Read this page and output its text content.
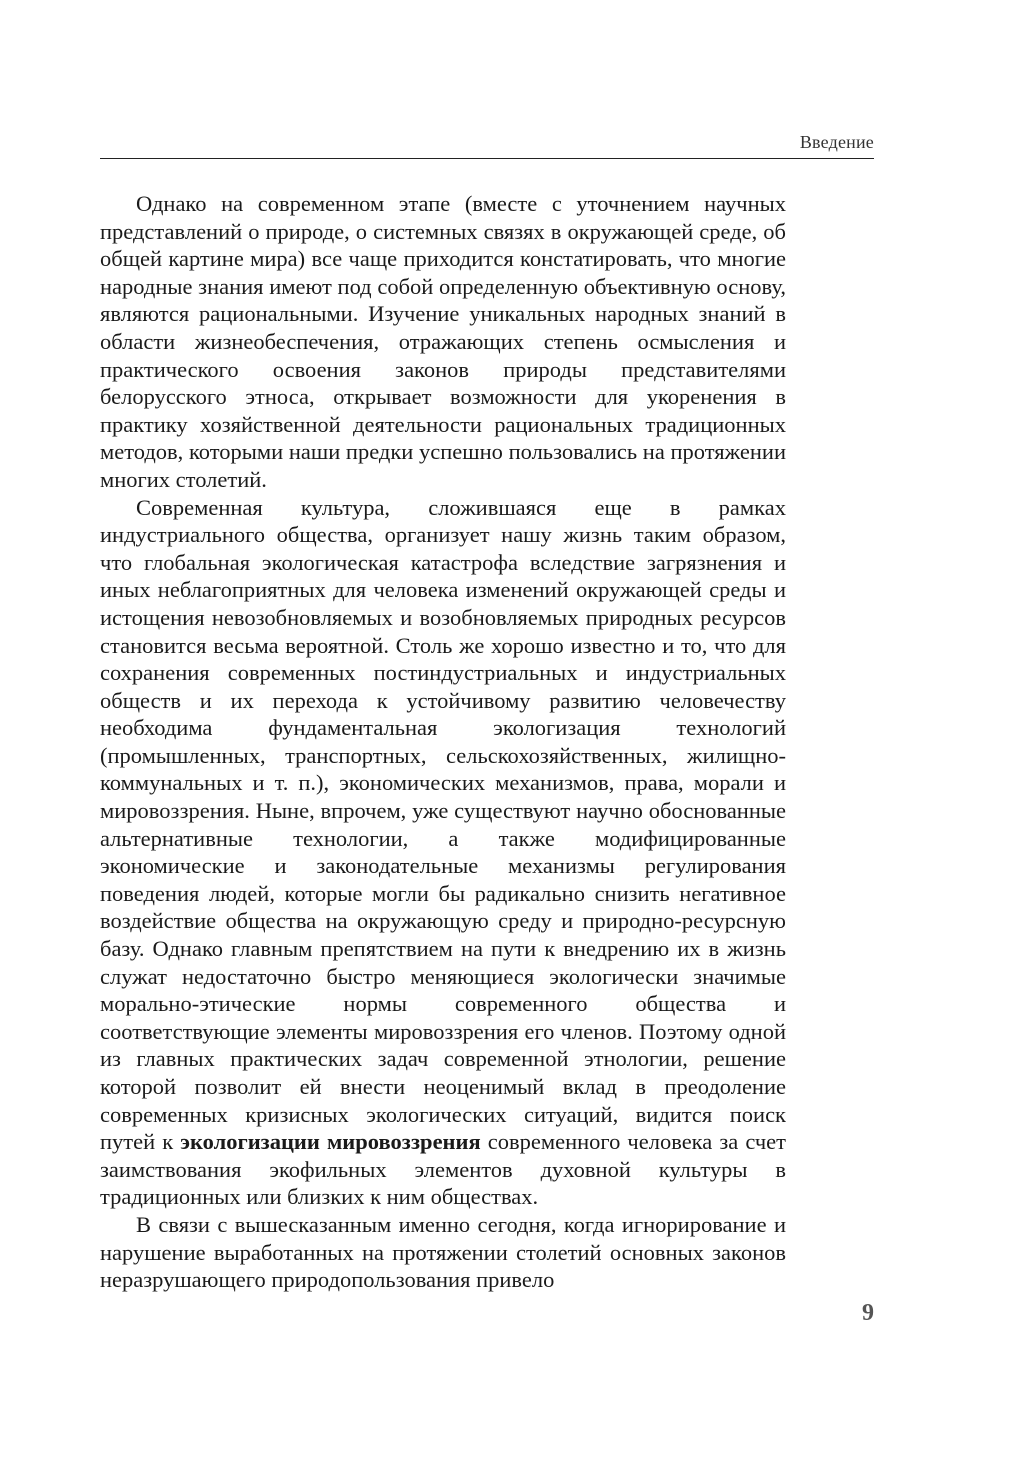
Введение

Однако на современном этапе (вместе с уточнением научных представлений о природе, о системных связях в окружающей среде, об общей картине мира) все чаще приходится констатировать, что многие народные знания имеют под собой определенную объективную основу, являются рациональными. Изучение уникальных народных знаний в области жизнеобеспечения, отражающих степень осмысления и практического освоения законов природы представителями белорусского этноса, открывает возможности для укоренения в практику хозяйственной деятельности рациональных традиционных методов, которыми наши предки успешно пользовались на протяжении многих столетий.

Современная культура, сложившаяся еще в рамках индустриального общества, организует нашу жизнь таким образом, что глобальная экологическая катастрофа вследствие загрязнения и иных неблагоприятных для человека изменений окружающей среды и истощения невозобновляемых и возобновляемых природных ресурсов становится весьма вероятной. Столь же хорошо известно и то, что для сохранения современных постиндустриальных и индустриальных обществ и их перехода к устойчивому развитию человечеству необходима фундаментальная экологизация технологий (промышленных, транспортных, сельскохозяйственных, жилищно-коммунальных и т. п.), экономических механизмов, права, морали и мировоззрения. Ныне, впрочем, уже существуют научно обоснованные альтернативные технологии, а также модифицированные экономические и законодательные механизмы регулирования поведения людей, которые могли бы радикально снизить негативное воздействие общества на окружающую среду и природно-ресурсную базу. Однако главным препятствием на пути к внедрению их в жизнь служат недостаточно быстро меняющиеся экологически значимые морально-этические нормы современного общества и соответствующие элементы мировоззрения его членов. Поэтому одной из главных практических задач современной этнологии, решение которой позволит ей внести неоценимый вклад в преодоление современных кризисных экологических ситуаций, видится поиск путей к экологизации мировоззрения современного человека за счет заимствования экофильных элементов духовной культуры в традиционных или близких к ним обществах.

В связи с вышесказанным именно сегодня, когда игнорирование и нарушение выработанных на протяжении столетий основных законов неразрушающего природопользования привело

9
